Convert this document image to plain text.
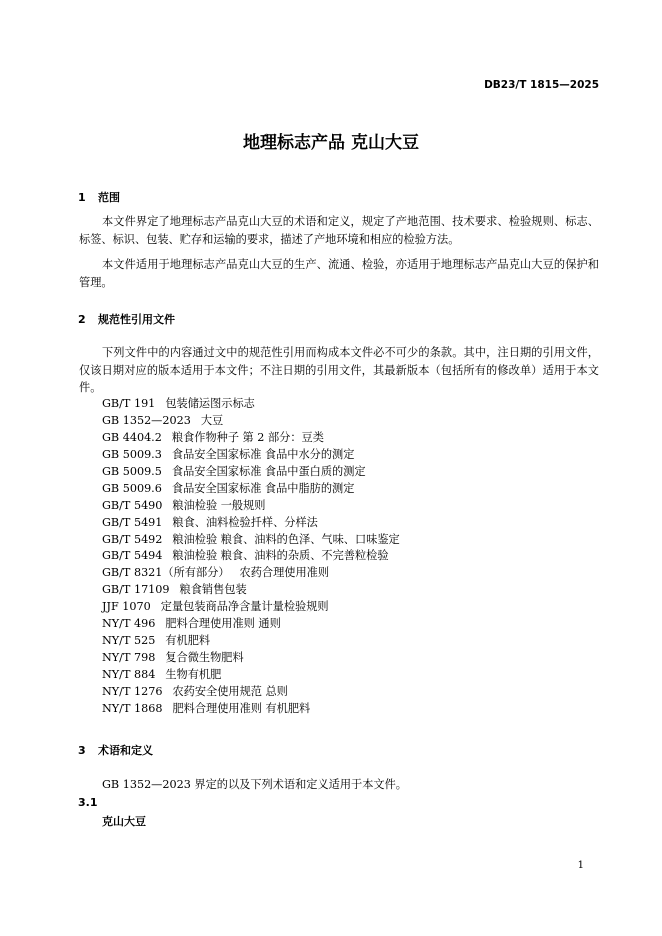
DB23/T 1815—2025
地理标志产品 克山大豆
1 范围

本文件界定了地理标志产品克山大豆的术语和定义，规定了产地范围、技术要求、检验规则、标志、标签、标识、包装、贮存和运输的要求，描述了产地环境和相应的检验方法。

本文件适用于地理标志产品克山大豆的生产、流通、检验，亦适用于地理标志产品克山大豆的保护和管理。

2 规范性引用文件

下列文件中的内容通过文中的规范性引用而构成本文件必不可少的条款。其中，注日期的引用文件，仅该日期对应的版本适用于本文件；不注日期的引用文件，其最新版本（包括所有的修改单）适用于本文件。

GB/T 191 包装储运图示标志
GB 1352—2023 大豆
GB 4404.2 粮食作物种子 第 2 部分：豆类
GB 5009.3 食品安全国家标准 食品中水分的测定
GB 5009.5 食品安全国家标准 食品中蛋白质的测定
GB 5009.6 食品安全国家标准 食品中脂肪的测定
GB/T 5490 粮油检验 一般规则
GB/T 5491 粮食、油料检验扦样、分样法
GB/T 5492 粮油检验 粮食、油料的色泽、气味、口味鉴定
GB/T 5494 粮油检验 粮食、油料的杂质、不完善粒检验
GB/T 8321（所有部分） 农药合理使用准则
GB/T 17109 粮食销售包装
JJF 1070 定量包装商品净含量计量检验规则
NY/T 496 肥料合理使用准则 通则
NY/T 525 有机肥料
NY/T 798 复合微生物肥料
NY/T 884 生物有机肥
NY/T 1276 农药安全使用规范 总则
NY/T 1868 肥料合理使用准则 有机肥料
3 术语和定义

GB 1352—2023 界定的以及下列术语和定义适用于本文件。

3.1
克山大豆
1
